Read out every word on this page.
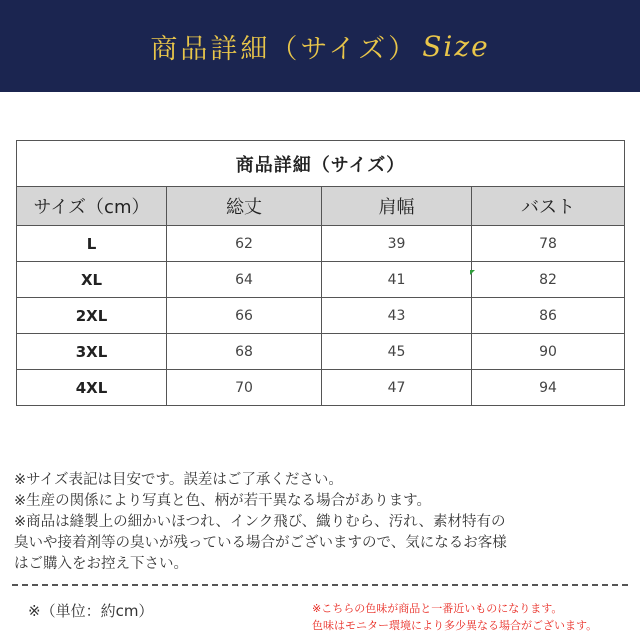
商品詳細（サイズ） Size
商品詳細（サイズ）			
サイズ（cm）	総丈	肩幅	バスト
L	62	39	78
XL	64	41	82
2XL	66	43	86
3XL	68	45	90
4XL	70	47	94

※サイズ表記は目安です。誤差はご了承ください。

※生産の関係により写真と色、柄が若干異なる場合があります。

※商品は縫製上の細かいほつれ、インク飛び、織りむら、汚れ、素材特有の

臭いや接着剤等の臭いが残っている場合がございますので、気になるお客様

はご購入をお控え下さい。

※（単位：約cm）	※こちらの色味が商品と一番近いものになります。

色味はモニター環境により多少異なる場合がございます。
